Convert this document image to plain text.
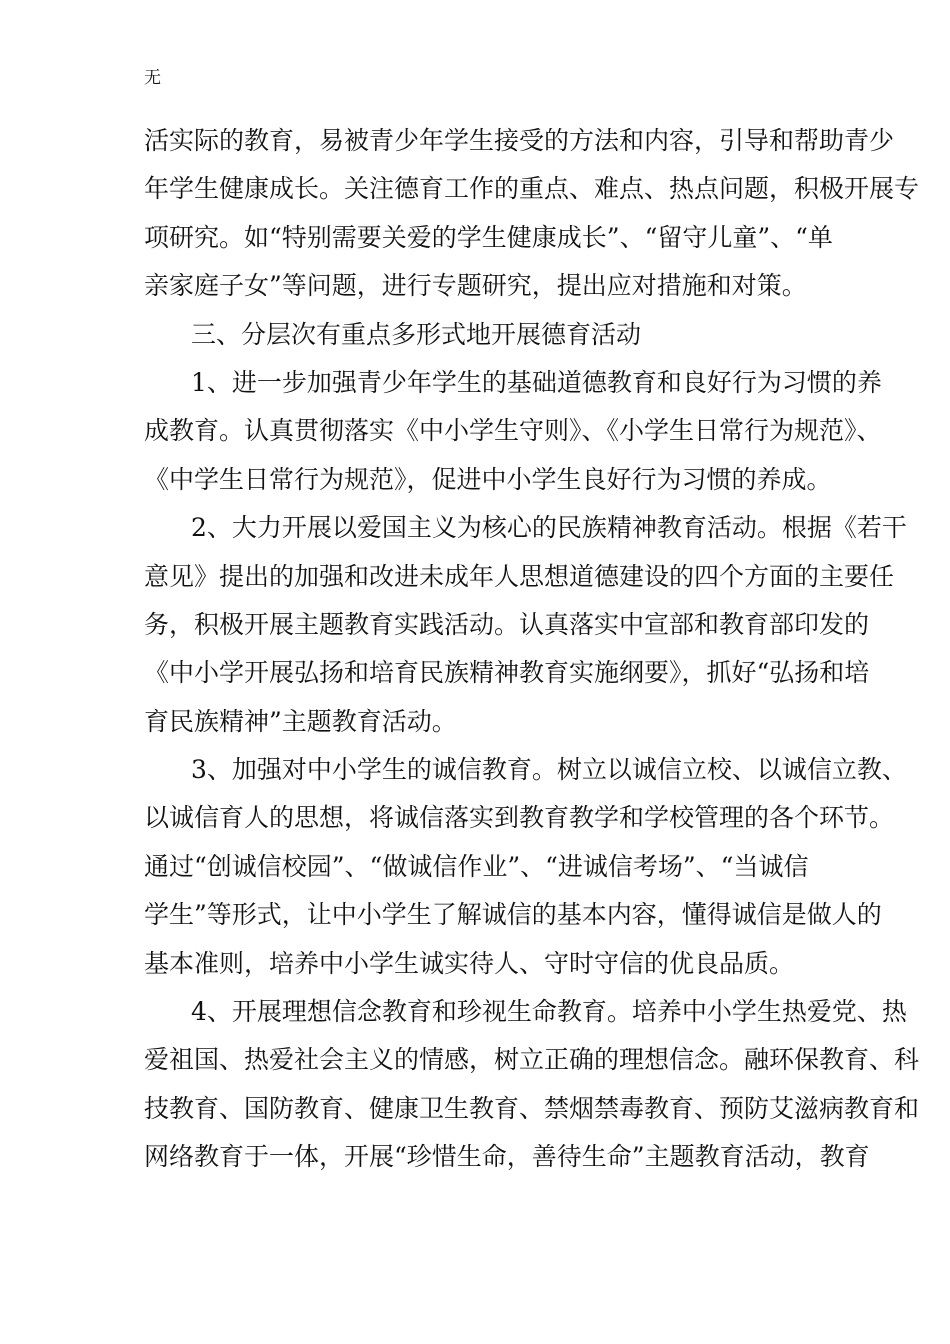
无
活实际的教育，易被青少年学生接受的方法和内容，引导和帮助青少
年学生健康成长。关注德育工作的重点、难点、热点问题，积极开展专
项研究。如“特别需要关爱的学生健康成长”、“留守儿童”、“单
亲家庭子女”等问题，进行专题研究，提出应对措施和对策。
三、分层次有重点多形式地开展德育活动
1、进一步加强青少年学生的基础道德教育和良好行为习惯的养
成教育。认真贯彻落实《中小学生守则》、《小学生日常行为规范》、
《中学生日常行为规范》，促进中小学生良好行为习惯的养成。
2、大力开展以爱国主义为核心的民族精神教育活动。根据《若干
意见》提出的加强和改进未成年人思想道德建设的四个方面的主要任
务，积极开展主题教育实践活动。认真落实中宣部和教育部印发的
《中小学开展弘扬和培育民族精神教育实施纲要》，抓好“弘扬和培
育民族精神”主题教育活动。
3、加强对中小学生的诚信教育。树立以诚信立校、以诚信立教、
以诚信育人的思想，将诚信落实到教育教学和学校管理的各个环节。
通过“创诚信校园”、“做诚信作业”、“进诚信考场”、“当诚信
学生”等形式，让中小学生了解诚信的基本内容，懂得诚信是做人的
基本准则，培养中小学生诚实待人、守时守信的优良品质。
4、开展理想信念教育和珍视生命教育。培养中小学生热爱党、热
爱祖国、热爱社会主义的情感，树立正确的理想信念。融环保教育、科
技教育、国防教育、健康卫生教育、禁烟禁毒教育、预防艾滋病教育和
网络教育于一体，开展“珍惜生命，善待生命”主题教育活动，教育
